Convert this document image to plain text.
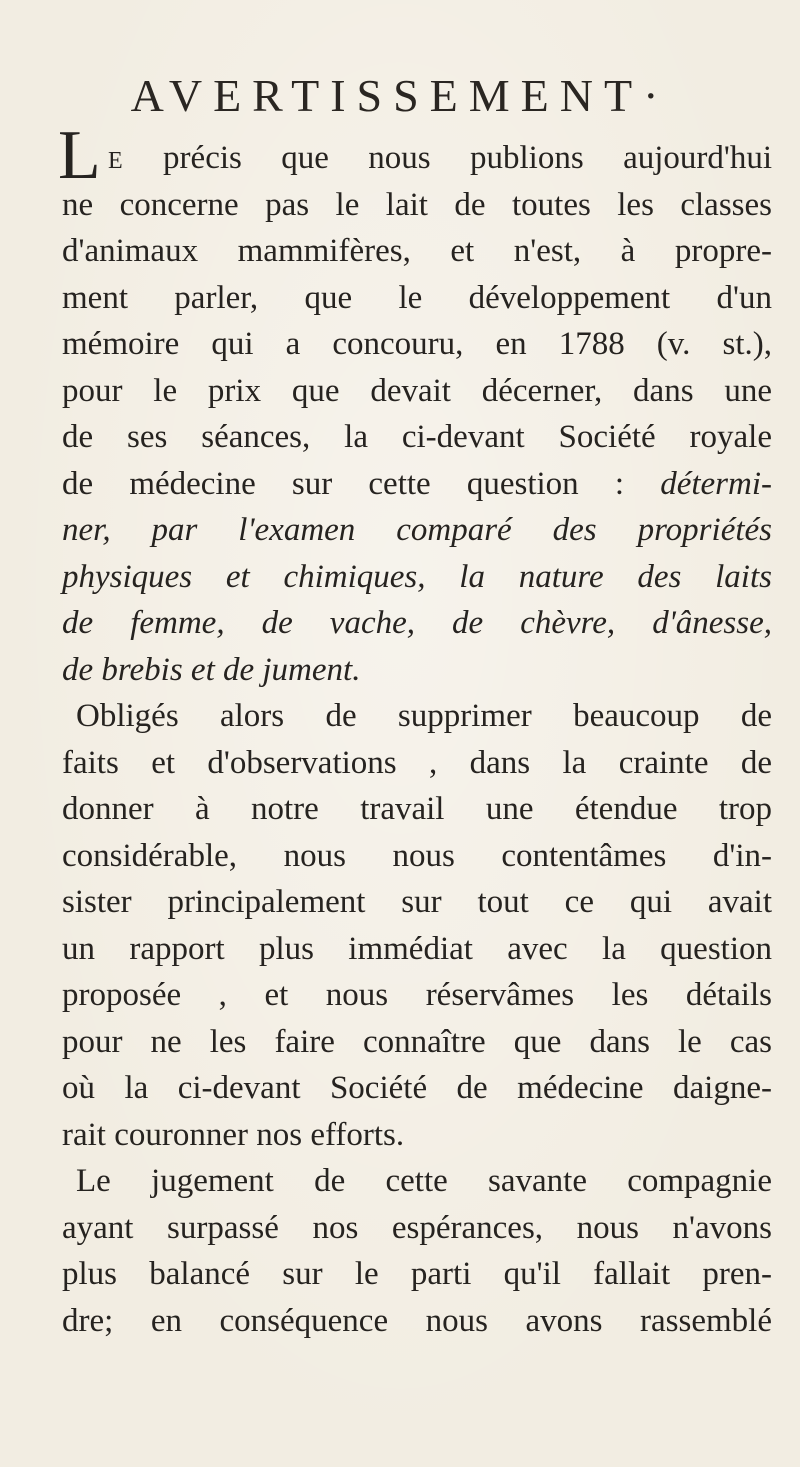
AVERTISSEMENT·
L E précis que nous publions aujourd'hui
ne concerne pas le lait de toutes les classes
d'animaux mammifères, et n'est, à propre-
ment parler, que le développement d'un
mémoire qui a concouru, en 1788 (v. st.),
pour le prix que devait décerner, dans une
de ses séances, la ci-devant Société royale
de médecine sur cette question : détermi-
ner, par l'examen comparé des propriétés
physiques et chimiques, la nature des laits
de femme, de vache, de chèvre, d'ânesse,
de brebis et de jument.
Obligés alors de supprimer beaucoup de
faits et d'observations , dans la crainte de
donner à notre travail une étendue trop
considérable, nous nous contentâmes d'in-
sister principalement sur tout ce qui avait
un rapport plus immédiat avec la question
proposée , et nous réservâmes les détails
pour ne les faire connaître que dans le cas
où la ci-devant Société de médecine daigne-
rait couronner nos efforts.
Le jugement de cette savante compagnie
ayant surpassé nos espérances, nous n'avons
plus balancé sur le parti qu'il fallait pren-
dre; en conséquence nous avons rassemblé
